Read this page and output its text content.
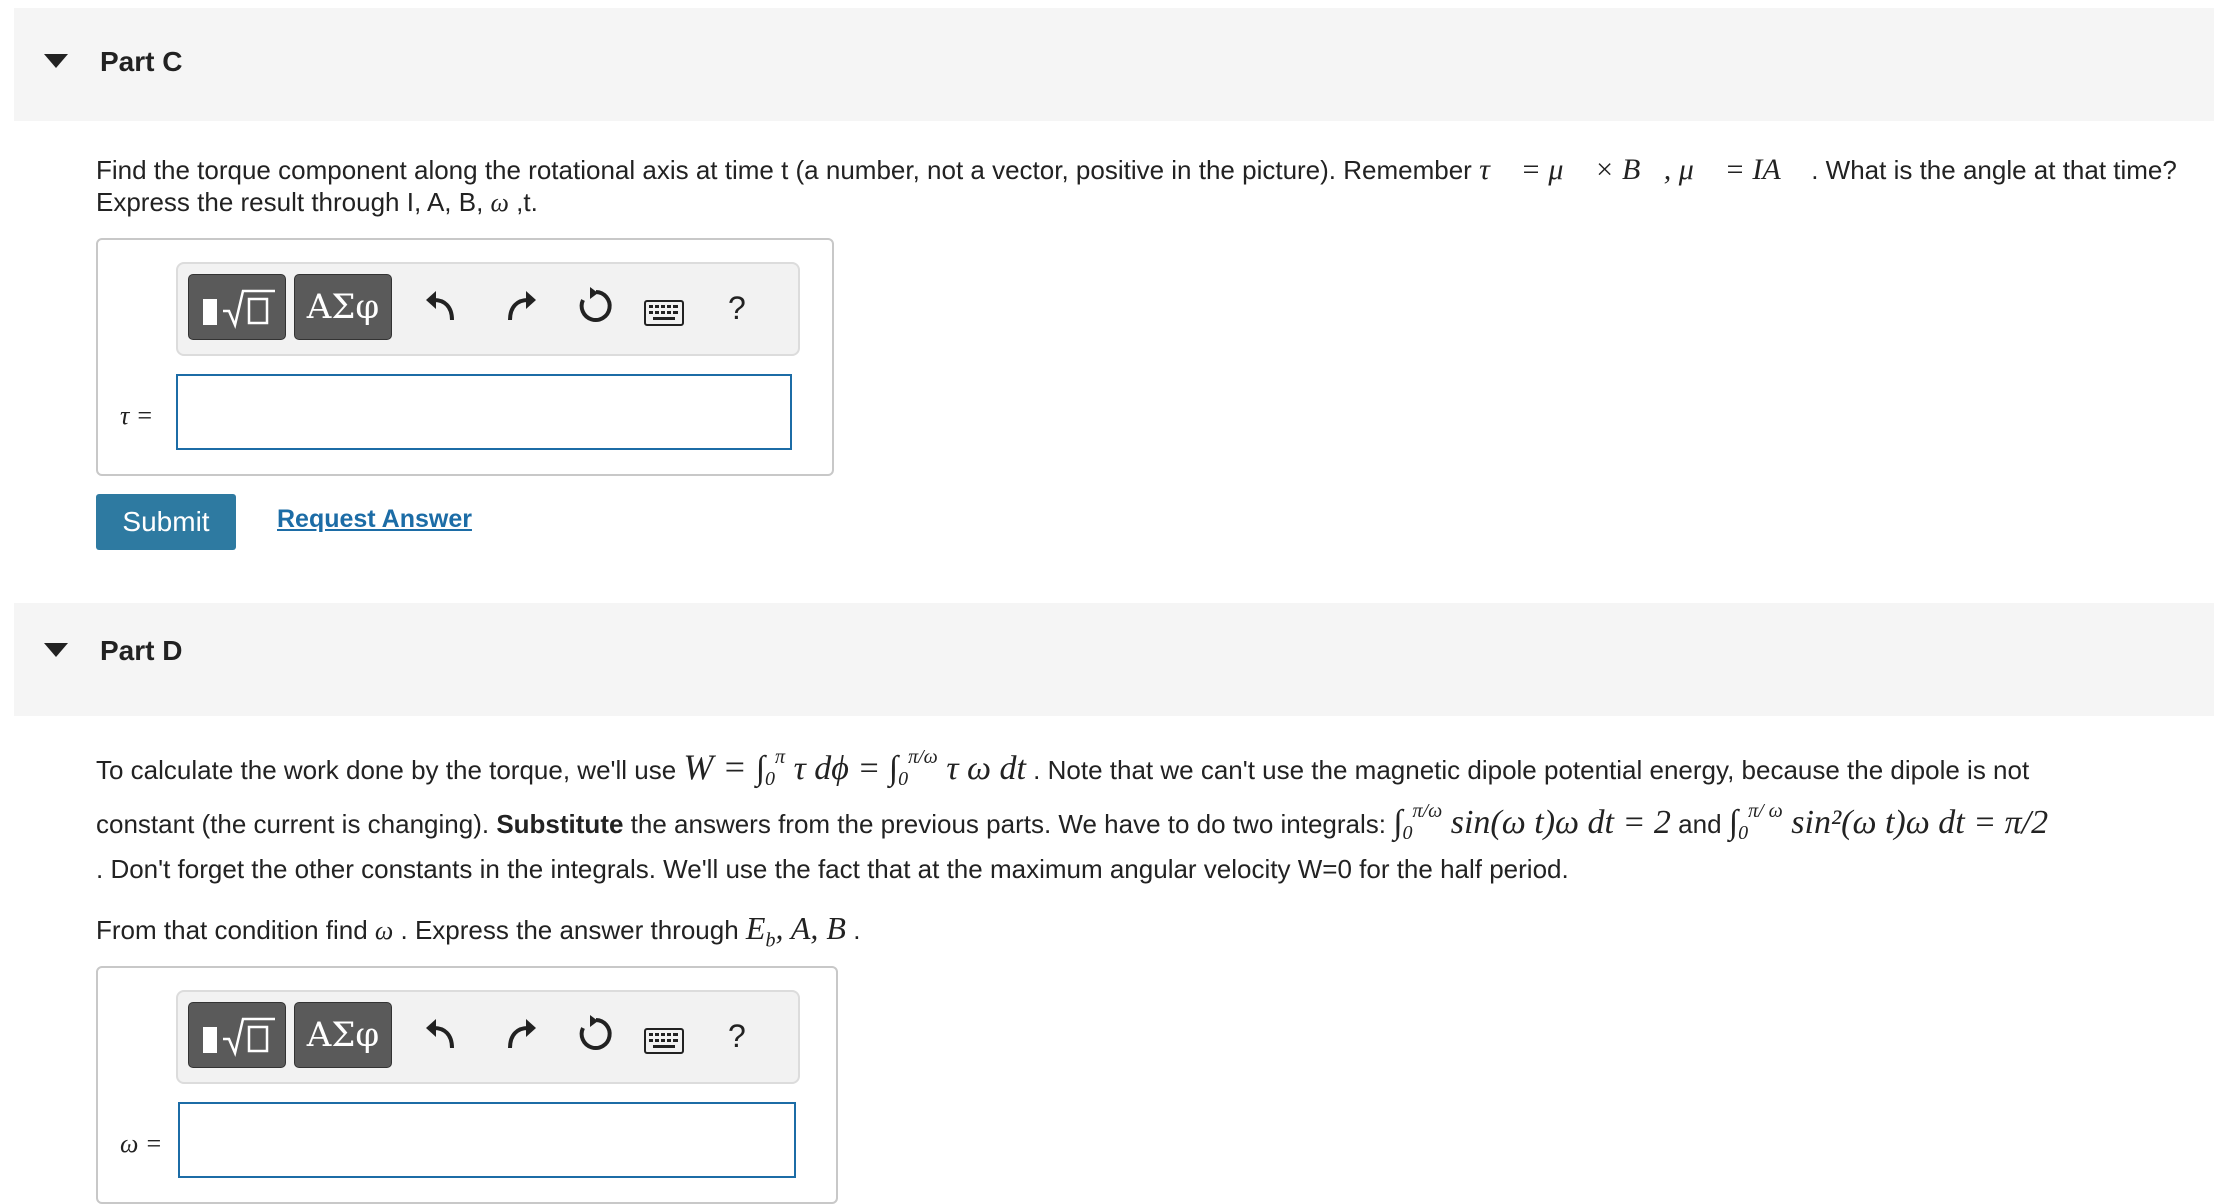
Part C
Find the torque component along the rotational axis at time t (a number, not a vector, positive in the picture). Remember τ⃗ = μ⃗ × B⃗, μ⃗ = IA⃗ . What is the angle at that time?
Express the result through I, A, B, ω ,t.
ΑΣφ	?
τ =
Submit	Request Answer
Part D
To calculate the work done by the torque, we'll use $W = \int_0^\pi$ τ $d\phi = \int_0^{\pi/\omega}$ τ ω dt . Note that we can't use the magnetic dipole potential energy, because the dipole is not
constant (the current is changing). Substitute the answers from the previous parts. We have to do two integrals: $\int_0^{\pi/\omega}$ sin(ω t)ω dt = 2 and $\int_0^{\pi/ \omega}$ sin²(ω t)ω dt = π/2
. Don't forget the other constants in the integrals. We'll use the fact that at the maximum angular velocity W=0 for the half period.
From that condition find ω . Express the answer through $E_b$, A, B .
ΑΣφ	?
ω =
